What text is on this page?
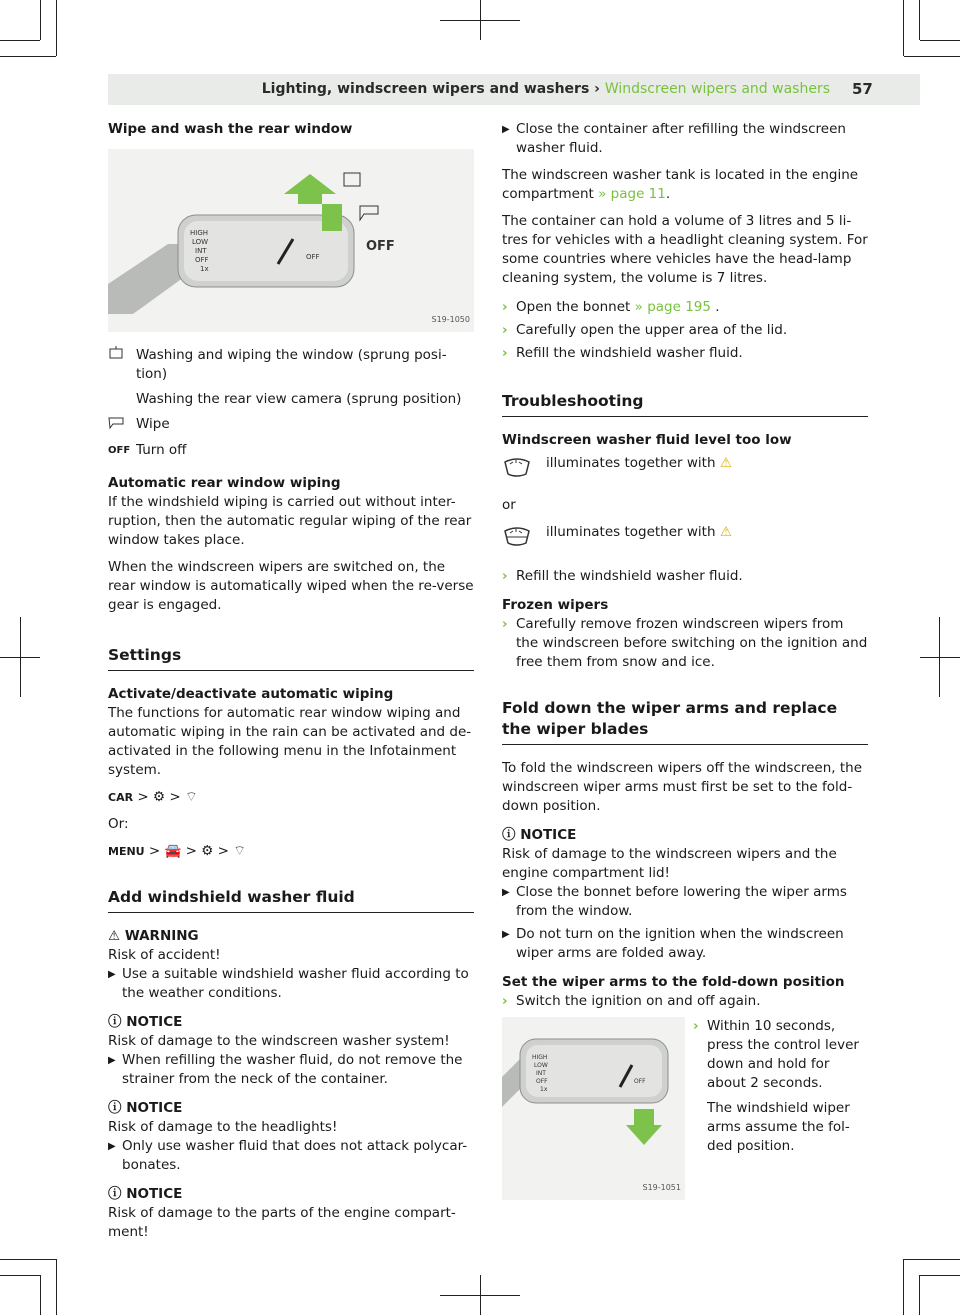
Lighting, windscreen wipers and washers › Windscreen wipers and washers 57

Wipe and wash the rear window

HIGH
LOW
INT
OFF
1x
OFF
OFF
S19-1050
Washing and wiping the window (sprung posi-tion)
Washing the rear view camera (sprung position)
Wipe
OFF Turn off

Automatic rear window wiping

If the windshield wiping is carried out without inter-ruption, then the automatic regular wiping of the rear window takes place.

When the windscreen wipers are switched on, the rear window is automatically wiped when the re-verse gear is engaged.

Settings

Activate/deactivate automatic wiping

The functions for automatic rear window wiping and automatic wiping in the rain can be activated and de-activated in the following menu in the Infotainment system.

CAR > ⚙ > ⌔

Or:

MENU > 🚘 > ⚙ > ⌔

Add windshield washer fluid

⚠ WARNING

Risk of accident!

▶ Use a suitable windshield washer fluid according to the weather conditions.

ⓘ NOTICE

Risk of damage to the windscreen washer system!

▶ When refilling the washer fluid, do not remove the strainer from the neck of the container.

ⓘ NOTICE

Risk of damage to the headlights!

▶ Only use washer fluid that does not attack polycar-bonates.

ⓘ NOTICE

Risk of damage to the parts of the engine compart-ment!

▶ Close the container after refilling the windscreen washer fluid.

The windscreen washer tank is located in the engine compartment » page 11.

The container can hold a volume of 3 litres and 5 li-tres for vehicles with a headlight cleaning system. For some countries where vehicles have the head-lamp cleaning system, the volume is 7 litres.

› Open the bonnet » page 195 .
› Carefully open the upper area of the lid.
› Refill the windshield washer fluid.
Troubleshooting

Windscreen washer fluid level too low

illuminates together with ⚠

or

illuminates together with ⚠
› Refill the windshield washer fluid.

Frozen wipers

› Carefully remove frozen windscreen wipers from the windscreen before switching on the ignition and free them from snow and ice.
Fold down the wiper arms and replace the wiper blades

To fold the windscreen wipers off the windscreen, the windscreen wiper arms must first be set to the fold-down position.

ⓘ NOTICE

Risk of damage to the windscreen wipers and the engine compartment lid!

▶ Close the bonnet before lowering the wiper arms from the window.
▶ Do not turn on the ignition when the windscreen wiper arms are folded away.

Set the wiper arms to the fold-down position

› Switch the ignition on and off again.
HIGH
LOW
INT
OFF
1x
OFF
S19-1051
› Within 10 seconds, press the control lever down and hold for about 2 seconds.

The windshield wiper arms assume the fol-ded position.
